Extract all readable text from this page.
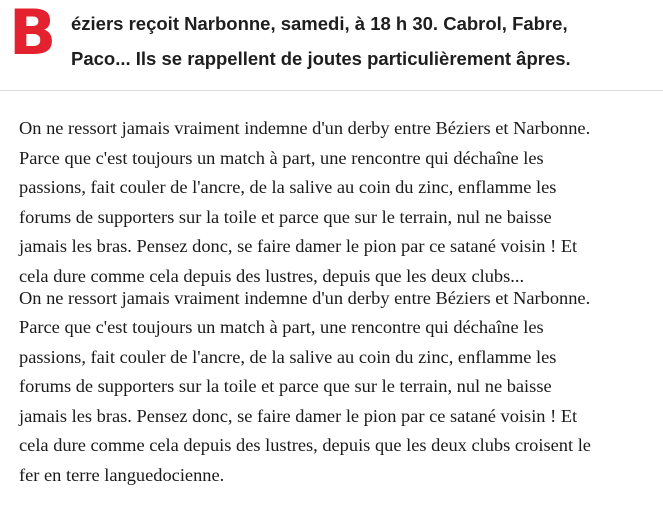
B éziers reçoit Narbonne, samedi, à 18 h 30. Cabrol, Fabre,
Paco... Ils se rappellent de joutes particulièrement âpres.
On ne ressort jamais vraiment indemne d'un derby entre Béziers et Narbonne.
Parce que c'est toujours un match à part, une rencontre qui déchaîne les
passions, fait couler de l'ancre, de la salive au coin du zinc, enflamme les
forums de supporters sur la toile et parce que sur le terrain, nul ne baisse
jamais les bras. Pensez donc, se faire damer le pion par ce satané voisin ! Et
cela dure comme cela depuis des lustres, depuis que les deux clubs...
On ne ressort jamais vraiment indemne d'un derby entre Béziers et Narbonne.
Parce que c'est toujours un match à part, une rencontre qui déchaîne les
passions, fait couler de l'ancre, de la salive au coin du zinc, enflamme les
forums de supporters sur la toile et parce que sur le terrain, nul ne baisse
jamais les bras. Pensez donc, se faire damer le pion par ce satané voisin ! Et
cela dure comme cela depuis des lustres, depuis que les deux clubs croisent le
fer en terre languedocienne.
